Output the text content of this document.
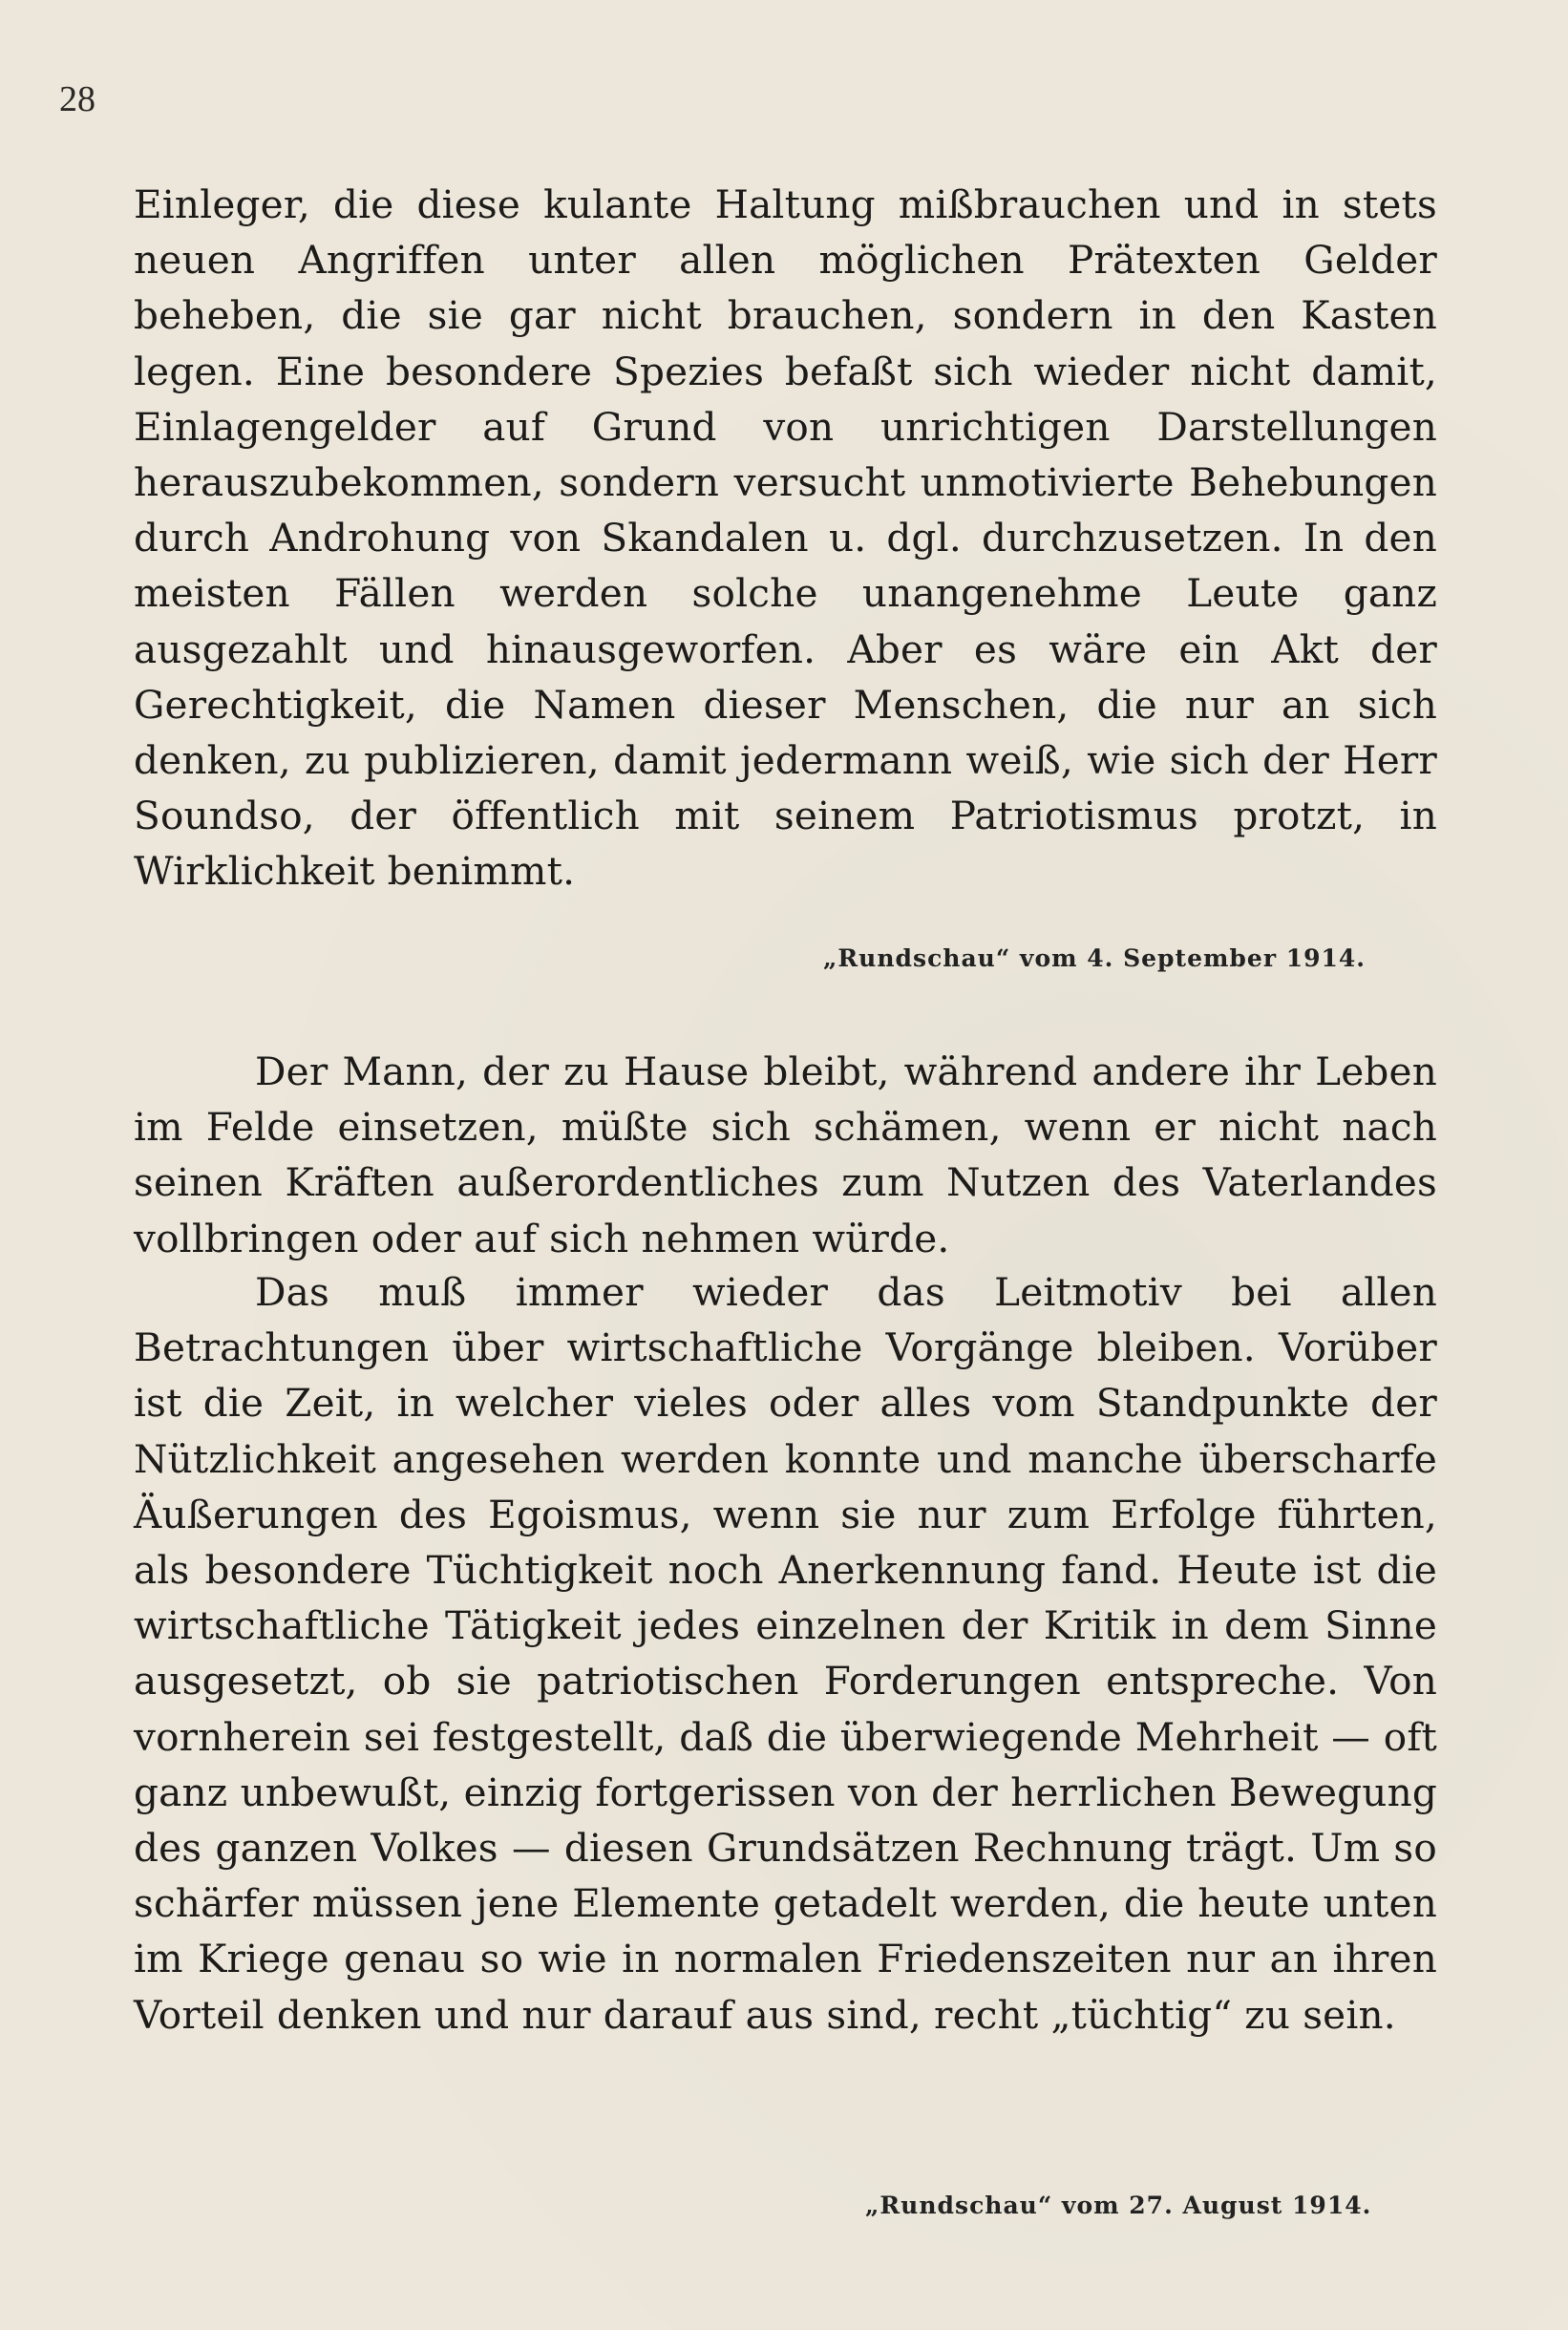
28

Einleger, die diese kulante Haltung mißbrauchen und in stets neuen Angriffen unter allen möglichen Prätexten Gelder beheben, die sie gar nicht brauchen, sondern in den Kasten legen. Eine besondere Spezies befaßt sich wieder nicht damit, Einlagengelder auf Grund von unrichtigen Darstellungen herauszubekommen, sondern versucht unmotivierte Behebungen durch Androhung von Skandalen u. dgl. durchzusetzen. In den meisten Fällen werden solche unangenehme Leute ganz ausgezahlt und hinausgeworfen. Aber es wäre ein Akt der Gerechtigkeit, die Namen dieser Menschen, die nur an sich denken, zu publizieren, damit jedermann weiß, wie sich der Herr Soundso, der öffentlich mit seinem Patriotismus protzt, in Wirklichkeit benimmt.

„Rundschau“ vom 4. September 1914.

Der Mann, der zu Hause bleibt, während andere ihr Leben im Felde einsetzen, müßte sich schämen, wenn er nicht nach seinen Kräften außerordentliches zum Nutzen des Vaterlandes vollbringen oder auf sich nehmen würde.

Das muß immer wieder das Leitmotiv bei allen Betrachtungen über wirtschaftliche Vorgänge bleiben. Vorüber ist die Zeit, in welcher vieles oder alles vom Standpunkte der Nützlichkeit angesehen werden konnte und manche überscharfe Äußerungen des Egoismus, wenn sie nur zum Erfolge führten, als besondere Tüchtigkeit noch Anerkennung fand. Heute ist die wirtschaftliche Tätigkeit jedes einzelnen der Kritik in dem Sinne ausgesetzt, ob sie patriotischen Forderungen entspreche. Von vornherein sei festgestellt, daß die überwiegende Mehrheit — oft ganz unbewußt, einzig fortgerissen von der herrlichen Bewegung des ganzen Volkes — diesen Grundsätzen Rechnung trägt. Um so schärfer müssen jene Elemente getadelt werden, die heute unten im Kriege genau so wie in normalen Friedenszeiten nur an ihren Vorteil denken und nur darauf aus sind, recht „tüchtig“ zu sein.

„Rundschau“ vom 27. August 1914.
